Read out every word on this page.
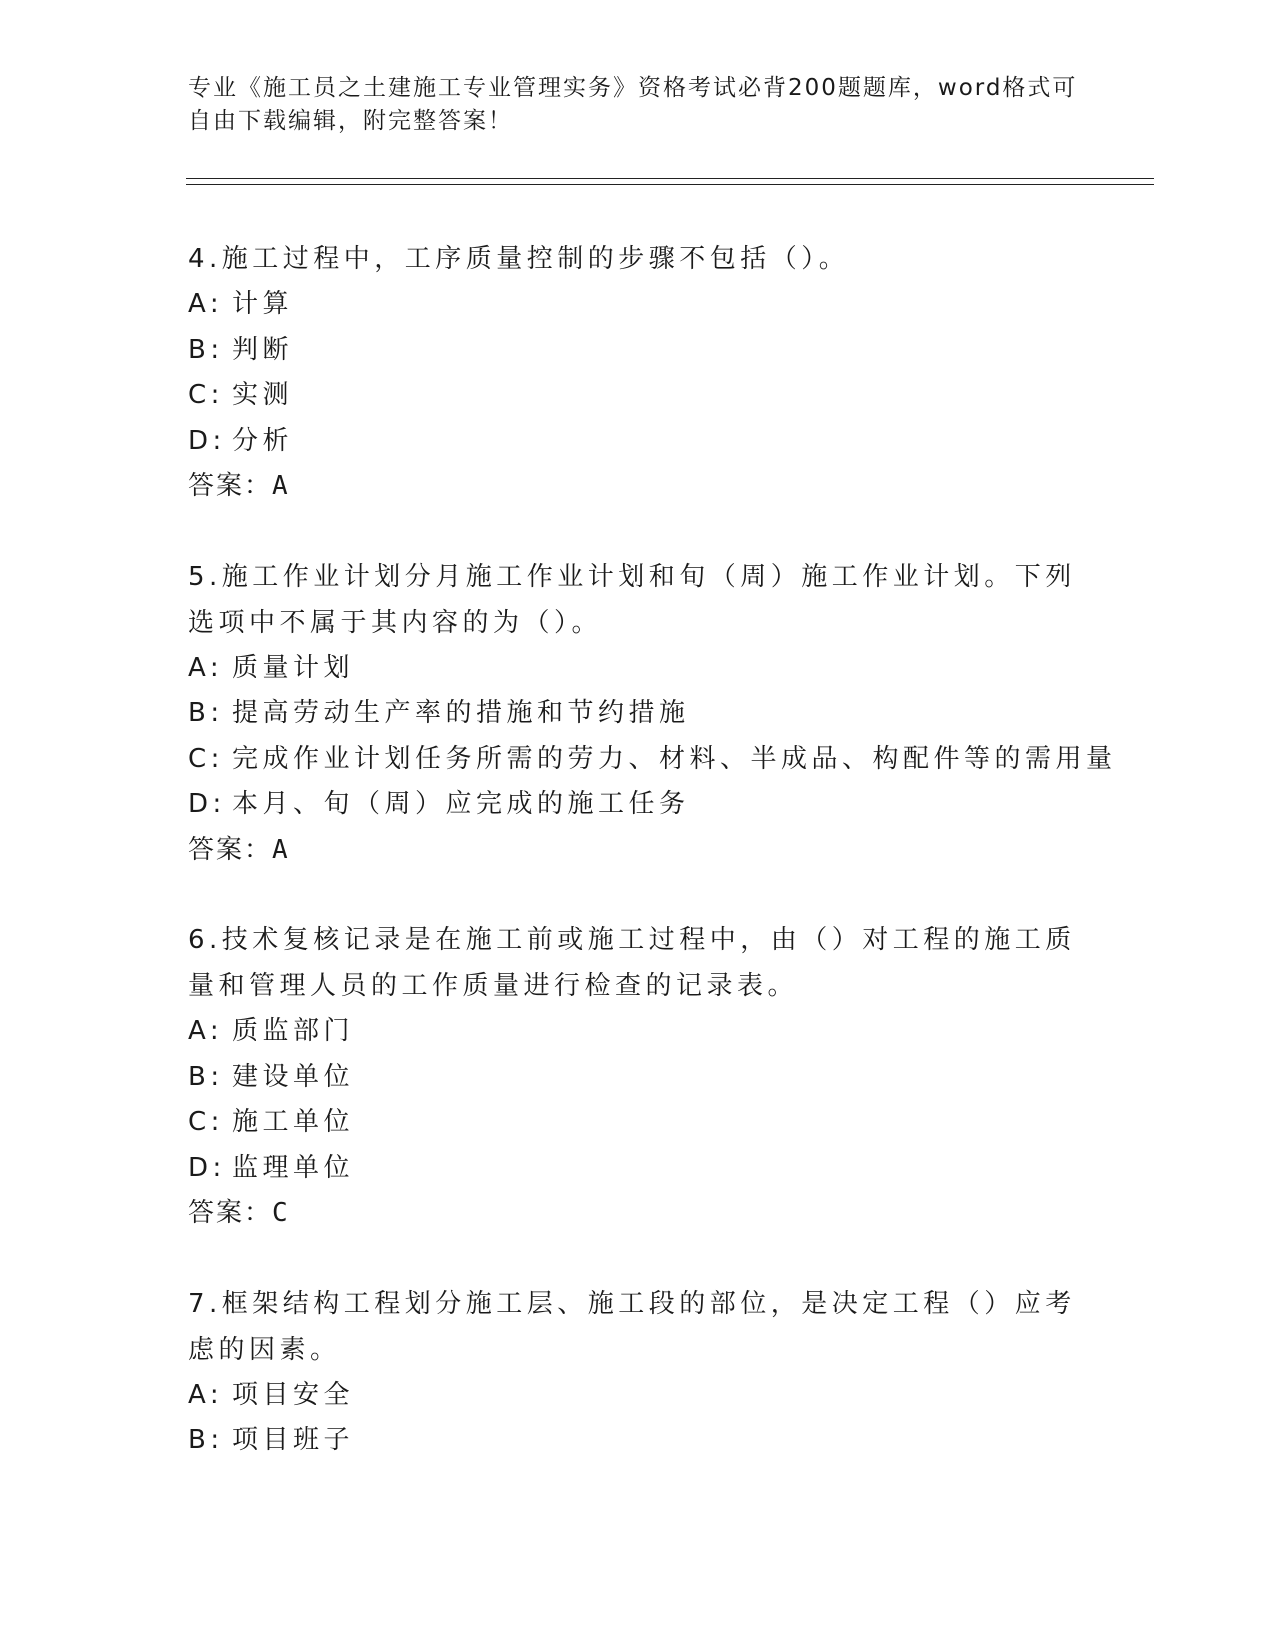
专业《施工员之土建施工专业管理实务》资格考试必背200题题库，word格式可自由下载编辑，附完整答案！

4.施工过程中，工序质量控制的步骤不包括（）。

A: 计算
B: 判断
C: 实测
D: 分析
答案：A

5.施工作业计划分月施工作业计划和旬（周）施工作业计划。下列选项中不属于其内容的为（）。

A: 质量计划
B: 提高劳动生产率的措施和节约措施
C: 完成作业计划任务所需的劳力、材料、半成品、构配件等的需用量
D: 本月、旬（周）应完成的施工任务
答案：A

6.技术复核记录是在施工前或施工过程中，由（）对工程的施工质量和管理人员的工作质量进行检查的记录表。

A: 质监部门
B: 建设单位
C: 施工单位
D: 监理单位
答案：C

7.框架结构工程划分施工层、施工段的部位，是决定工程（）应考虑的因素。

A: 项目安全
B: 项目班子
